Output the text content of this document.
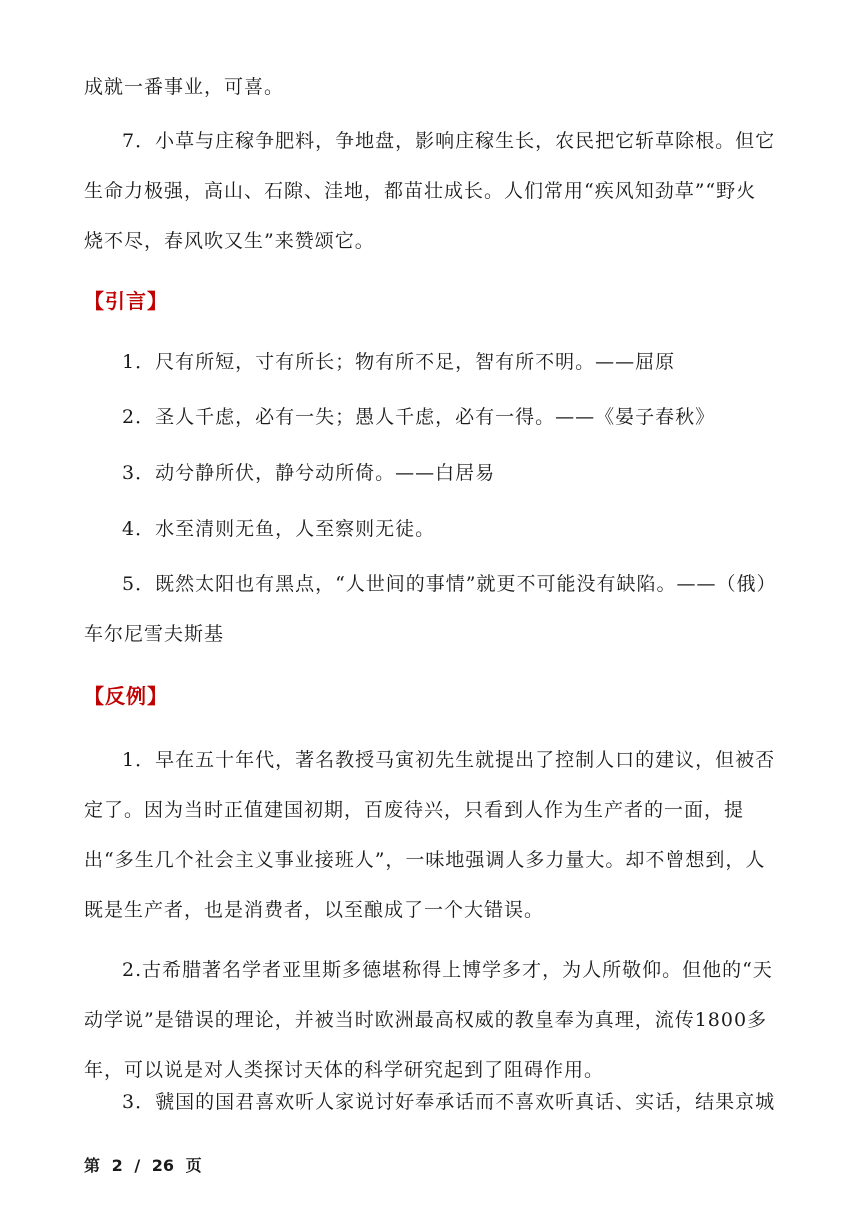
成就一番事业，可喜。

7．小草与庄稼争肥料，争地盘，影响庄稼生长，农民把它斩草除根。但它生命力极强，高山、石隙、洼地，都苗壮成长。人们常用“疾风知劲草”“野火烧不尽，春风吹又生”来赞颂它。

【引言】

1．尺有所短，寸有所长；物有所不足，智有所不明。——屈原

2．圣人千虑，必有一失；愚人千虑，必有一得。——《晏子春秋》

3．动兮静所伏，静兮动所倚。——白居易

4．水至清则无鱼，人至察则无徒。

5．既然太阳也有黑点，“人世间的事情”就更不可能没有缺陷。——（俄）车尔尼雪夫斯基

【反例】

1．早在五十年代，著名教授马寅初先生就提出了控制人口的建议，但被否定了。因为当时正值建国初期，百废待兴，只看到人作为生产者的一面，提出“多生几个社会主义事业接班人”，一味地强调人多力量大。却不曾想到，人既是生产者，也是消费者，以至酿成了一个大错误。

2.古希腊著名学者亚里斯多德堪称得上博学多才，为人所敬仰。但他的“天动学说”是错误的理论，并被当时欧洲最高权威的教皇奉为真理，流传1800多年，可以说是对人类探讨天体的科学研究起到了阻碍作用。

3．虢国的国君喜欢听人家说讨好奉承话而不喜欢听真话、实话，结果京城

第 2 / 26 页
